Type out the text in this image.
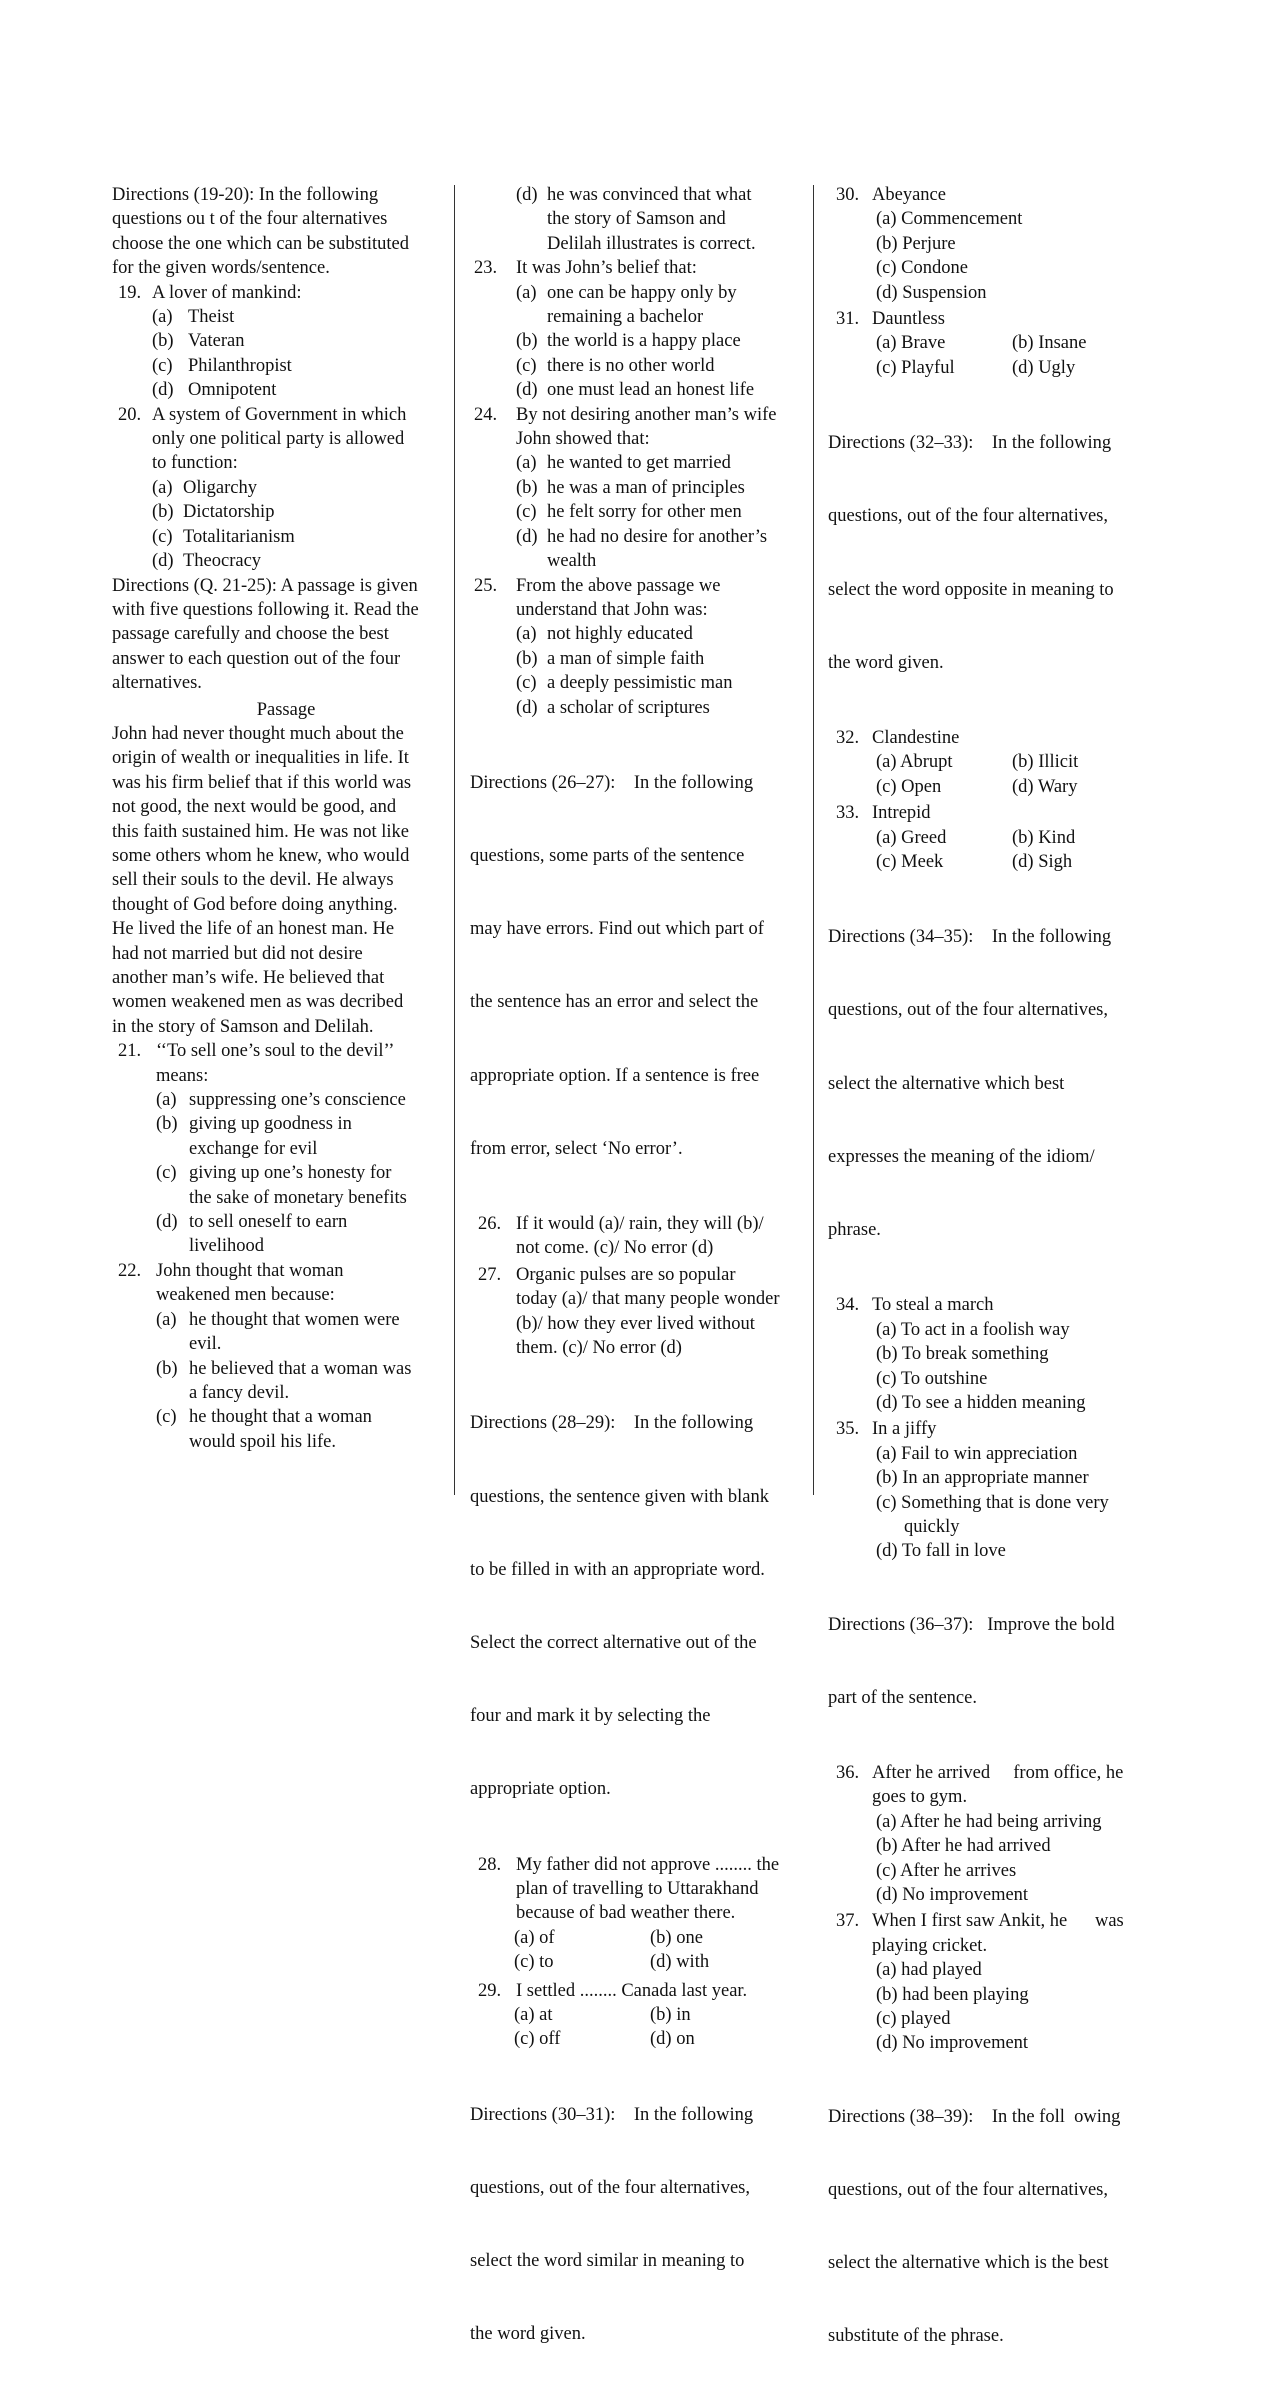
Directions (19-20): In the following

questions ou t of the four alternatives

choose the one which can be substituted

for the given words/sentence.

19. A lover of mankind:
(a) Theist
(b) Vateran
(c) Philanthropist
(d) Omnipotent
20. A system of Government in which
only one political party is allowed
to function:
(a) Oligarchy
(b) Dictatorship
(c) Totalitarianism
(d) Theocracy

Directions (Q. 21-25): A passage is given

with five questions following it. Read the

passage carefully and choose the best

answer to each question out of the four

alternatives.

Passage

John had never thought much about the

origin of wealth or inequalities in life. It

was his firm belief that if this world was

not good, the next would be good, and

this faith sustained him. He was not like

some others whom he knew, who would

sell their souls to the devil. He always

thought of God before doing anything.

He lived the life of an honest man. He

had not married but did not desire

another man’s wife. He believed that

women weakened men as was decribed

in the story of Samson and Delilah.

21. ‘‘To sell one’s soul to the devil’’
means:
(a) suppressing one’s conscience
(b) giving up goodness in
exchange for evil
(c) giving up one’s honesty for
the sake of monetary benefits
(d) to sell oneself to earn
livelihood
22. John thought that woman
weakened men because:
(a) he thought that women were
evil.
(b) he believed that a woman was
a fancy devil.
(c) he thought that a woman
would spoil his life.
(d) he was convinced that what
the story of Samson and
Delilah illustrates is correct.
23.	It was John’s belief that:
(a) one can be happy only by
remaining a bachelor
(b) the world is a happy place
(c) there is no other world
(d) one must lead an honest life
24.	By not desiring another man’s wife
John showed that:
(a) he wanted to get married
(b) he was a man of principles
(c) he felt sorry for other men
(d) he had no desire for another’s
wealth
25.	From the above passage we
understand that John was:
(a) not highly educated
(b) a man of simple faith
(c) a deeply pessimistic man
(d) a scholar of scriptures

Directions (26–27):    In the following

questions, some parts of the sentence

may have errors. Find out which part of

the sentence has an error and select the

appropriate option. If a sentence is free

from error, select ‘No error’.

26. If it would (a)/ rain, they will (b)/
not come. (c)/ No error (d)
27. Organic pulses are so popular
today (a)/ that many people wonder
(b)/ how they ever lived without
them. (c)/ No error (d)

Directions (28–29):    In the following

questions, the sentence given with blank

to be filled in with an appropriate word.

Select the correct alternative out of the

four and mark it by selecting the

appropriate option.

28. My father did not approve ........ the
plan of travelling to Uttarakhand
because of bad weather there.
(a) of	(b) one
(c) to	(d) with
29. I settled ........ Canada last year.
(a) at	(b) in
(c) off	(d) on

Directions (30–31):    In the following

questions, out of the four alternatives,

select the word similar in meaning to

the word given.

30. Abeyance

(a) Commencement

(b) Perjure

(c) Condone

(d) Suspension

31. Dauntless
(a) Brave	(b) Insane
(c) Playful	(d) Ugly

Directions (32–33):    In the following

questions, out of the four alternatives,

select the word opposite in meaning to

the word given.

32. Clandestine
(a) Abrupt	(b) Illicit
(c) Open	(d) Wary
33. Intrepid
(a) Greed	(b) Kind
(c) Meek	(d) Sigh

Directions (34–35):    In the following

questions, out of the four alternatives,

select the alternative which best

expresses the meaning of the idiom/

phrase.

34. To steal a march

(a) To act in a foolish way

(b) To break something

(c) To outshine

(d) To see a hidden meaning

35. In a jiffy

(a) Fail to win appreciation

(b) In an appropriate manner

(c) Something that is done very

quickly

(d) To fall in love

Directions (36–37):   Improve the bold

part of the sentence.

36. After he arrived     from office, he
goes to gym.

(a) After he had being arriving

(b) After he had arrived

(c) After he arrives

(d) No improvement

37. When I first saw Ankit, he      was
playing cricket.

(a) had played

(b) had been playing

(c) played

(d) No improvement

Directions (38–39):    In the foll  owing

questions, out of the four alternatives,

select the alternative which is the best

substitute of the phrase.
